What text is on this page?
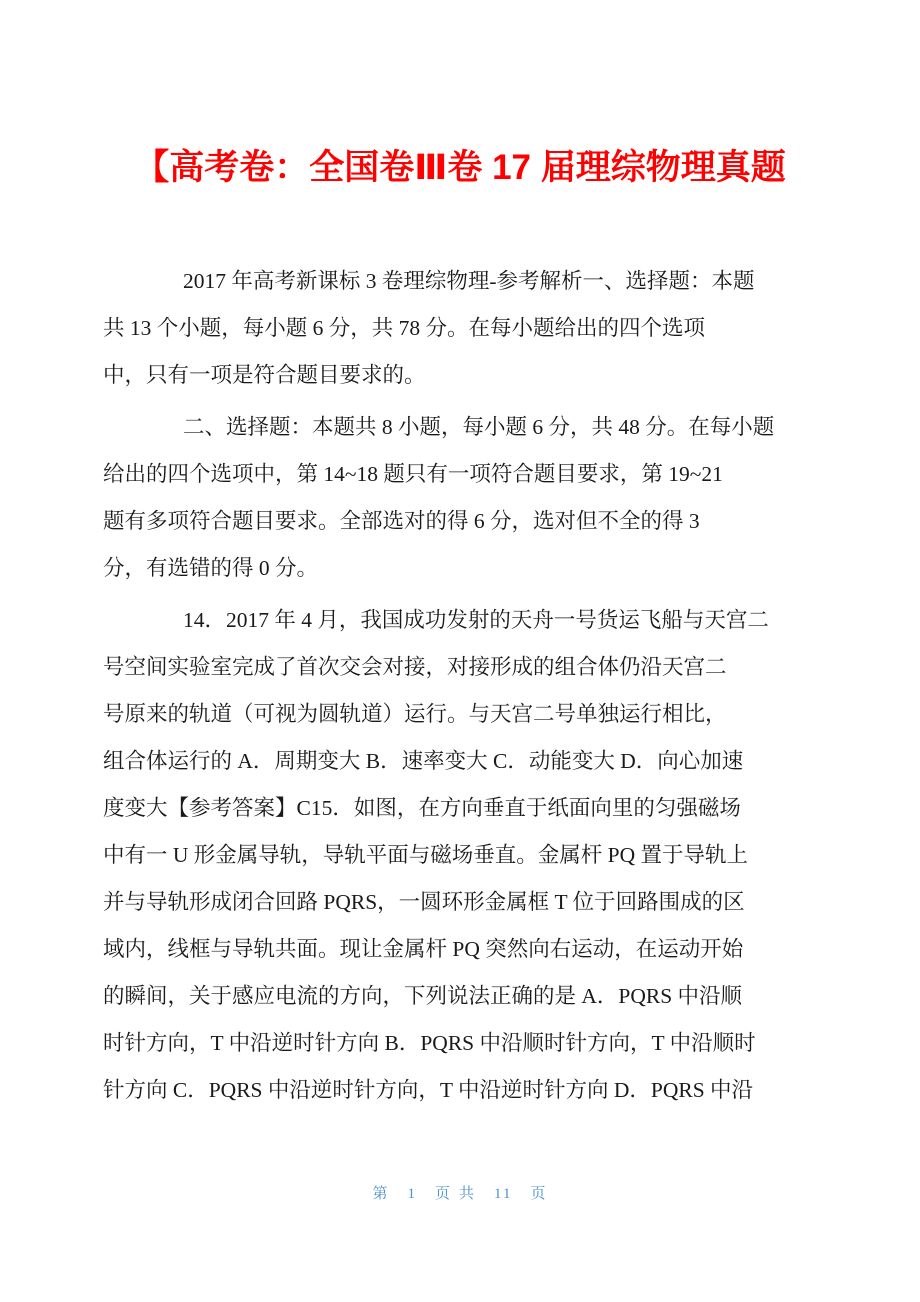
【高考卷：全国卷Ⅲ卷 17 届理综物理真题
2017 年高考新课标 3 卷理综物理-参考解析一、选择题：本题
共 13 个小题，每小题 6 分，共 78 分。在每小题给出的四个选项
中，只有一项是符合题目要求的。
二、选择题：本题共 8 小题，每小题 6 分，共 48 分。在每小题
给出的四个选项中，第 14~18 题只有一项符合题目要求，第 19~21
题有多项符合题目要求。全部选对的得 6 分，选对但不全的得 3
分，有选错的得 0 分。
14．2017 年 4 月，我国成功发射的天舟一号货运飞船与天宫二
号空间实验室完成了首次交会对接，对接形成的组合体仍沿天宫二
号原来的轨道（可视为圆轨道）运行。与天宫二号单独运行相比，
组合体运行的 A．周期变大 B．速率变大 C．动能变大 D．向心加速
度变大【参考答案】C15．如图，在方向垂直于纸面向里的匀强磁场
中有一 U 形金属导轨，导轨平面与磁场垂直。金属杆 PQ 置于导轨上
并与导轨形成闭合回路 PQRS，一圆环形金属框 T 位于回路围成的区
域内，线框与导轨共面。现让金属杆 PQ 突然向右运动，在运动开始
的瞬间，关于感应电流的方向，下列说法正确的是 A．PQRS 中沿顺
时针方向，T 中沿逆时针方向 B．PQRS 中沿顺时针方向，T 中沿顺时
针方向 C．PQRS 中沿逆时针方向，T 中沿逆时针方向 D．PQRS 中沿
第 1 页 共 11 页
